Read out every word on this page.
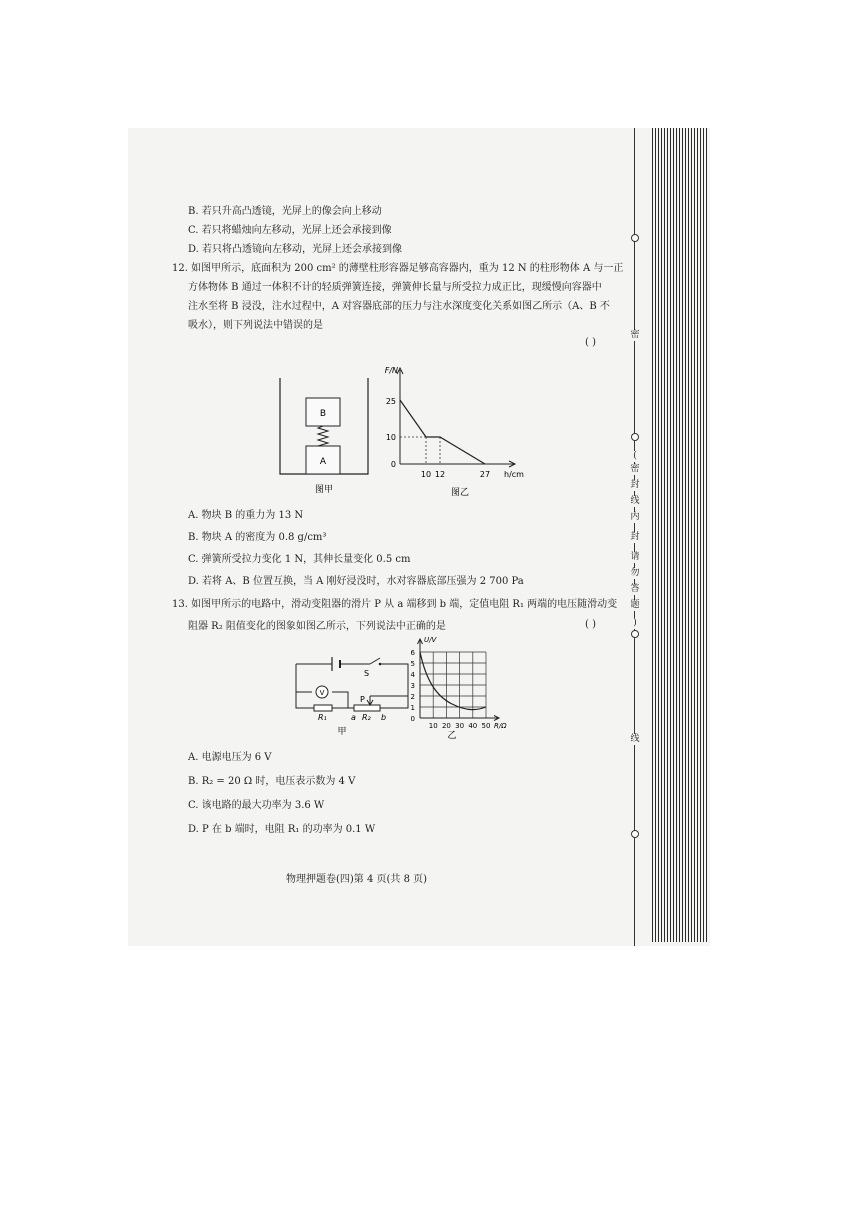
B. 若只升高凸透镜，光屏上的像会向上移动
C. 若只将蜡烛向左移动，光屏上还会承接到像
D. 若只将凸透镜向左移动，光屏上还会承接到像
12. 如图甲所示，底面积为 200 cm² 的薄壁柱形容器足够高容器内，重为 12 N 的柱形物体 A 与一正
方体物体 B 通过一体积不计的轻质弹簧连接，弹簧伸长量与所受拉力成正比，现缓慢向容器中
注水至将 B 浸没，注水过程中，A 对容器底部的压力与注水深度变化关系如图乙所示（A、B 不
吸水），则下列说法中错误的是
( )
B
A
图甲
F/N
h/cm
25
10
0
10 12	27
图乙
A. 物块 B 的重力为 13 N
B. 物块 A 的密度为 0.8 g/cm³
C. 弹簧所受拉力变化 1 N，其伸长量变化 0.5 cm
D. 若将 A、B 位置互换，当 A 刚好浸没时，水对容器底部压强为 2 700 Pa
13. 如图甲所示的电路中，滑动变阻器的滑片 P 从 a 端移到 b 端，定值电阻 R₁ 两端的电压随滑动变
阻器 R₂ 阻值变化的图象如图乙所示，下列说法中正确的是	( )
S
V
P
R₁	a R₂ b
甲
U/V
R/Ω
6
5
4
3
2
1
0
10 20 30 40 50
乙
A. 电源电压为 6 V
B. R₂ = 20 Ω 时，电压表示数为 4 V
C. 该电路的最大功率为 3.6 W
D. P 在 b 端时，电阻 R₁ 的功率为 0.1 W
物理押题卷(四)第 4 页(共 8 页)
密
(
密
封
线
内
封
请
勿
答
题
)
线
